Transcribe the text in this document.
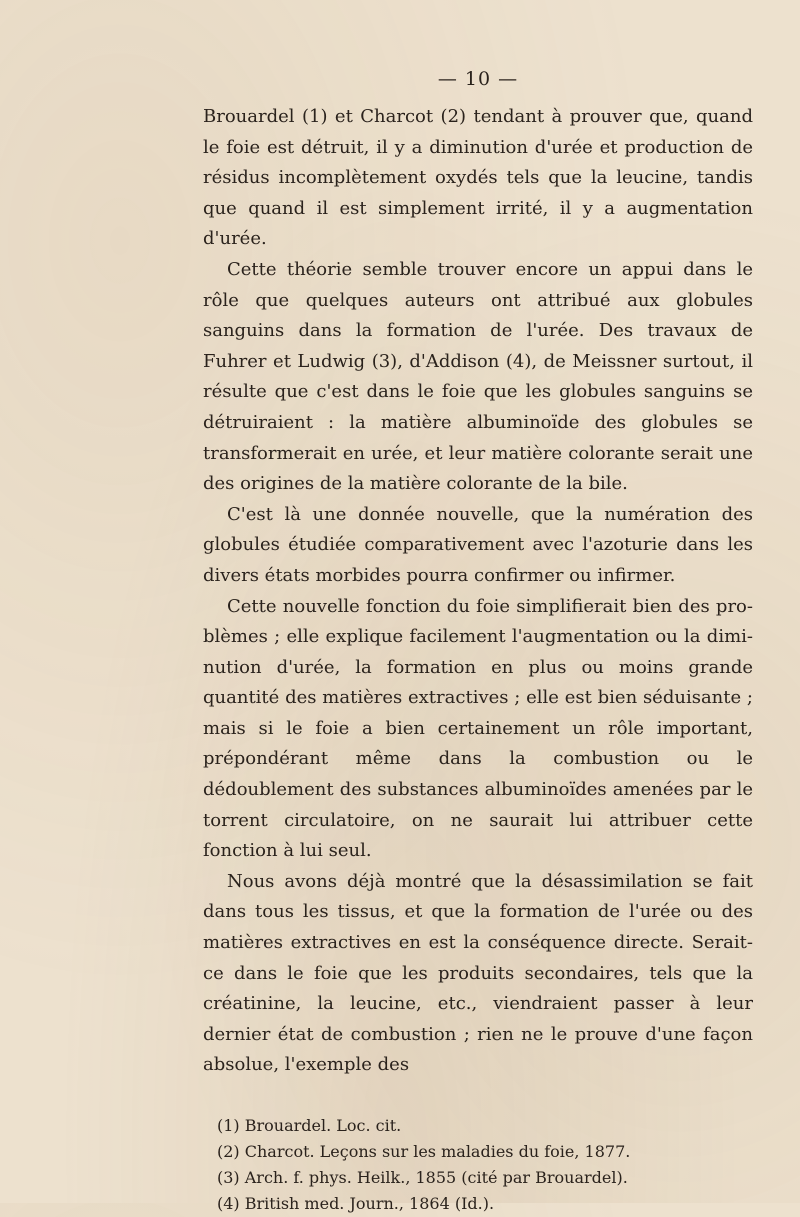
— 10 —

Brouardel (1) et Charcot (2) tendant à prouver que, quand le foie est détruit, il y a diminution d'urée et production de résidus incomplètement oxydés tels que la leucine, tandis que quand il est simplement irrité, il y a augmentation d'urée.

Cette théorie semble trouver encore un appui dans le rôle que quelques auteurs ont attribué aux globules sanguins dans la formation de l'urée. Des travaux de Fuhrer et Ludwig (3), d'Addison (4), de Meissner surtout, il résulte que c'est dans le foie que les globules sanguins se détruiraient : la matière albuminoïde des globules se transformerait en urée, et leur matière colorante serait une des origines de la matière colorante de la bile.

C'est là une donnée nouvelle, que la numération des globules étudiée comparativement avec l'azoturie dans les divers états morbides pourra confirmer ou infirmer.

Cette nouvelle fonction du foie simplifierait bien des problèmes ; elle explique facilement l'augmentation ou la diminution d'urée, la formation en plus ou moins grande quantité des matières extractives ; elle est bien séduisante ; mais si le foie a bien certainement un rôle important, prépondérant même dans la combustion ou le dédoublement des substances albuminoïdes amenées par le torrent circulatoire, on ne saurait lui attribuer cette fonction à lui seul.

Nous avons déjà montré que la désassimilation se fait dans tous les tissus, et que la formation de l'urée ou des matières extractives en est la conséquence directe. Serait-ce dans le foie que les produits secondaires, tels que la créatinine, la leucine, etc., viendraient passer à leur dernier état de combustion ; rien ne le prouve d'une façon absolue, l'exemple des

(1) Brouardel. Loc. cit.

(2) Charcot. Leçons sur les maladies du foie, 1877.

(3) Arch. f. phys. Heilk., 1855 (cité par Brouardel).

(4) British med. Journ., 1864 (Id.).
